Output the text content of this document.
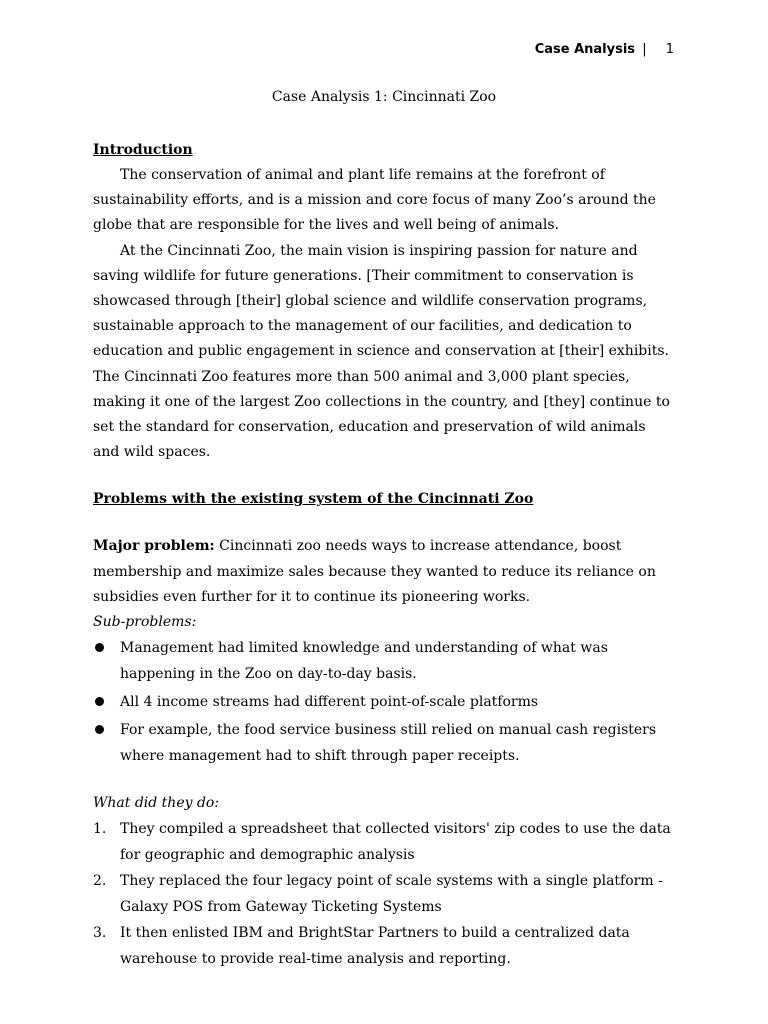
Case Analysis | 1
Case Analysis 1: Cincinnati Zoo

Introduction

The conservation of animal and plant life remains at the forefront of sustainability efforts, and is a mission and core focus of many Zoo’s around the globe that are responsible for the lives and well being of animals.

At the Cincinnati Zoo, the main vision is inspiring passion for nature and saving wildlife for future generations. [Their commitment to conservation is showcased through [their] global science and wildlife conservation programs, sustainable approach to the management of our facilities, and dedication to education and public engagement in science and conservation at [their] exhibits. The Cincinnati Zoo features more than 500 animal and 3,000 plant species, making it one of the largest Zoo collections in the country, and [they] continue to set the standard for conservation, education and preservation of wild animals and wild spaces.

Problems with the existing system of the Cincinnati Zoo

Major problem: Cincinnati zoo needs ways to increase attendance, boost membership and maximize sales because they wanted to reduce its reliance on subsidies even further for it to continue its pioneering works.

Sub-problems:

Management had limited knowledge and understanding of what was happening in the Zoo on day-to-day basis.
All 4 income streams had different point-of-scale platforms
For example, the food service business still relied on manual cash registers where management had to shift through paper receipts.

What did they do:

1. They compiled a spreadsheet that collected visitors' zip codes to use the data for geographic and demographic analysis
2. They replaced the four legacy point of scale systems with a single platform - Galaxy POS from Gateway Ticketing Systems
3. It then enlisted IBM and BrightStar Partners to build a centralized data warehouse to provide real-time analysis and reporting.
